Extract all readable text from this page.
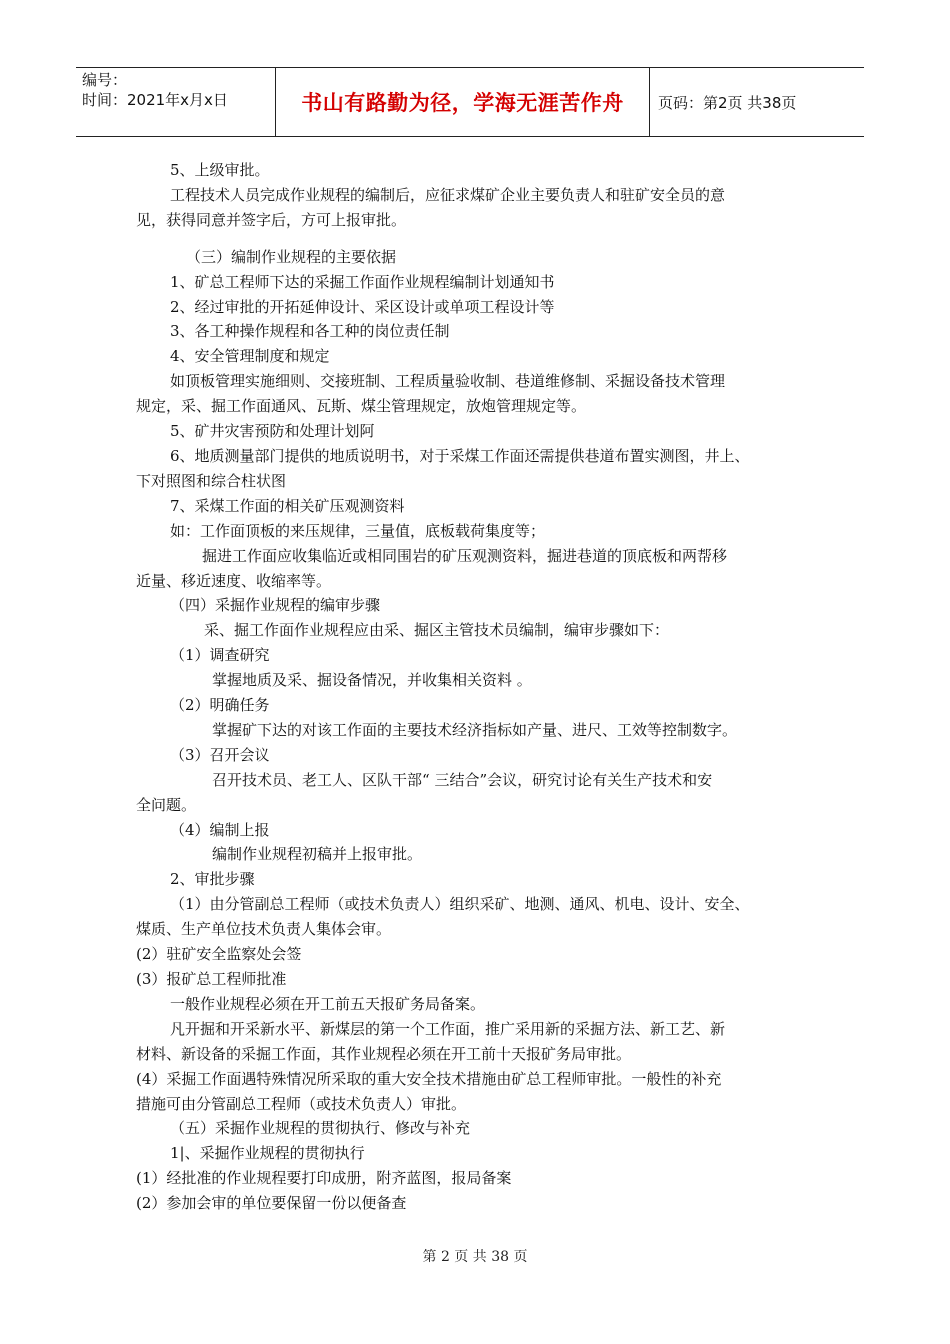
编号：
时间：2021年x月x日	书山有路勤为径，学海无涯苦作舟	页码：第2页 共38页

5、上级审批。

工程技术人员完成作业规程的编制后，应征求煤矿企业主要负责人和驻矿安全员的意

见，获得同意并签字后，方可上报审批。

（三）编制作业规程的主要依据

1、矿总工程师下达的采掘工作面作业规程编制计划通知书

2、经过审批的开拓延伸设计、采区设计或单项工程设计等

3、各工种操作规程和各工种的岗位责任制

4、安全管理制度和规定

如顶板管理实施细则、交接班制、工程质量验收制、巷道维修制、采掘设备技术管理

规定，采、掘工作面通风、瓦斯、煤尘管理规定，放炮管理规定等。

5、矿井灾害预防和处理计划阿

6、地质测量部门提供的地质说明书，对于采煤工作面还需提供巷道布置实测图，井上、

下对照图和综合柱状图

7、采煤工作面的相关矿压观测资料

如：工作面顶板的来压规律，三量值，底板载荷集度等；

掘进工作面应收集临近或相同围岩的矿压观测资料，掘进巷道的顶底板和两帮移

近量、移近速度、收缩率等。

（四）采掘作业规程的编审步骤

采、掘工作面作业规程应由采、掘区主管技术员编制，编审步骤如下：

（1）调查研究

掌握地质及采、掘设备情况，并收集相关资料 。

（2）明确任务

掌握矿下达的对该工作面的主要技术经济指标如产量、进尺、工效等控制数字。

（3）召开会议

召开技术员、老工人、区队干部“ 三结合”会议，研究讨论有关生产技术和安

全问题。

（4）编制上报

编制作业规程初稿并上报审批。

2、审批步骤

（1）由分管副总工程师（或技术负责人）组织采矿、地测、通风、机电、设计、安全、

煤质、生产单位技术负责人集体会审。

(2）驻矿安全监察处会签

(3）报矿总工程师批准

一般作业规程必须在开工前五天报矿务局备案。

凡开掘和开采新水平、新煤层的第一个工作面，推广采用新的采掘方法、新工艺、新

材料、新设备的采掘工作面，其作业规程必须在开工前十天报矿务局审批。

(4）采掘工作面遇特殊情况所采取的重大安全技术措施由矿总工程师审批。一般性的补充

措施可由分管副总工程师（或技术负责人）审批。

（五）采掘作业规程的贯彻执行、修改与补充

1|、采掘作业规程的贯彻执行

(1）经批准的作业规程要打印成册，附齐蓝图，报局备案

(2）参加会审的单位要保留一份以便备查

第 2 页 共 38 页
